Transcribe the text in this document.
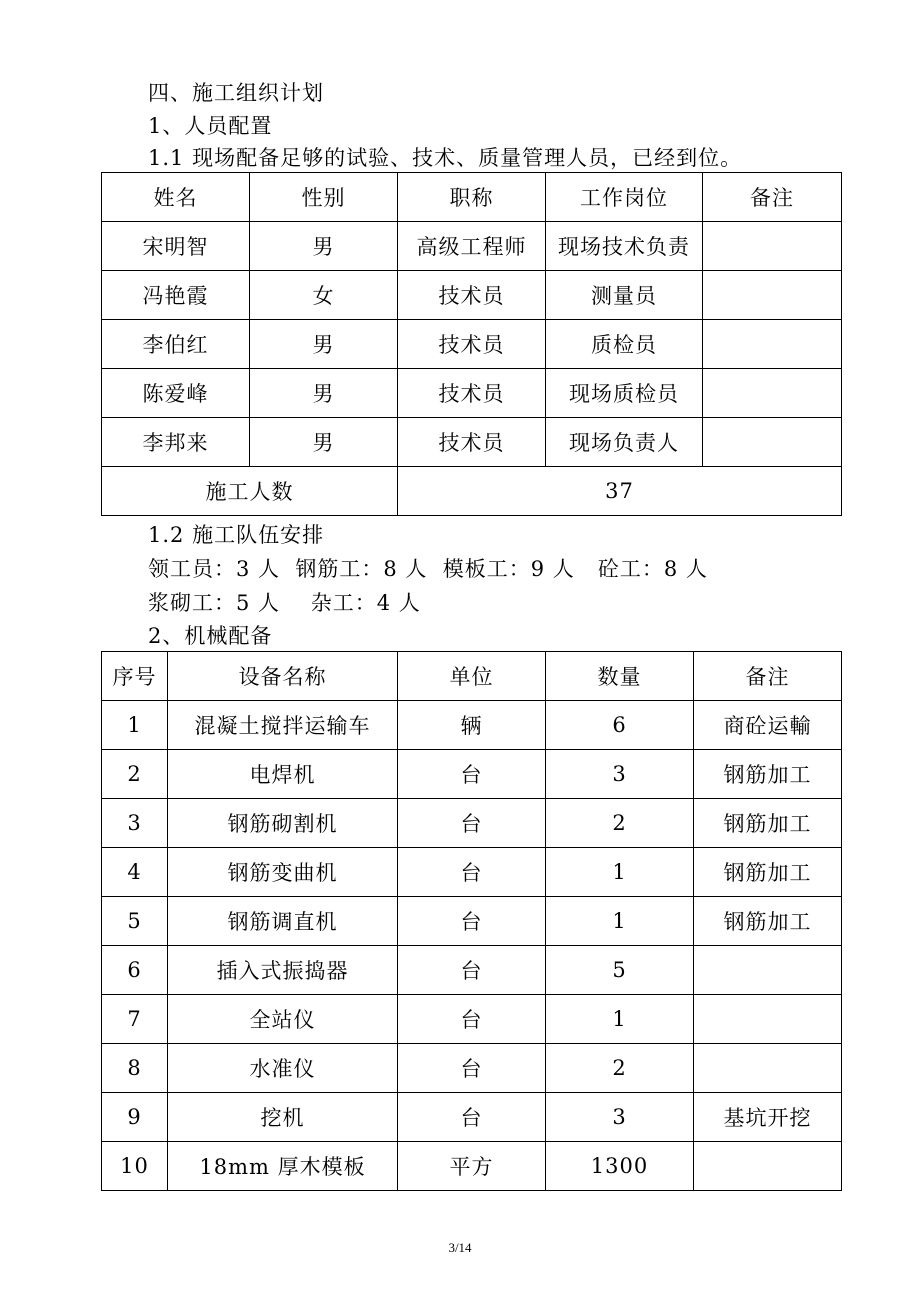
四、施工组织计划
1、人员配置
1.1 现场配备足够的试验、技术、质量管理人员，已经到位。
姓名	性别	职称	工作岗位	备注
宋明智	男	高级工程师	现场技术负责	
冯艳霞	女	技术员	测量员	
李伯红	男	技术员	质检员	
陈爱峰	男	技术员	现场质检员	
李邦来	男	技术员	现场负责人	
施工人数		37		
1.2 施工队伍安排
领工员：3 人  钢筋工：8 人  模板工：9 人   砼工：8 人
浆砌工：5 人    杂工：4 人
2、机械配备
序号	设备名称	单位	数量	备注
1	混凝土搅拌运输车	辆	6	商砼运輸
2	电焊机	台	3	钢筋加工
3	钢筋砌割机	台	2	钢筋加工
4	钢筋变曲机	台	1	钢筋加工
5	钢筋调直机	台	1	钢筋加工
6	插入式振捣器	台	5	
7	全站仪	台	1	
8	水准仪	台	2	
9	挖机	台	3	基坑开挖
10	18mm 厚木模板	平方	1300	
3/14
